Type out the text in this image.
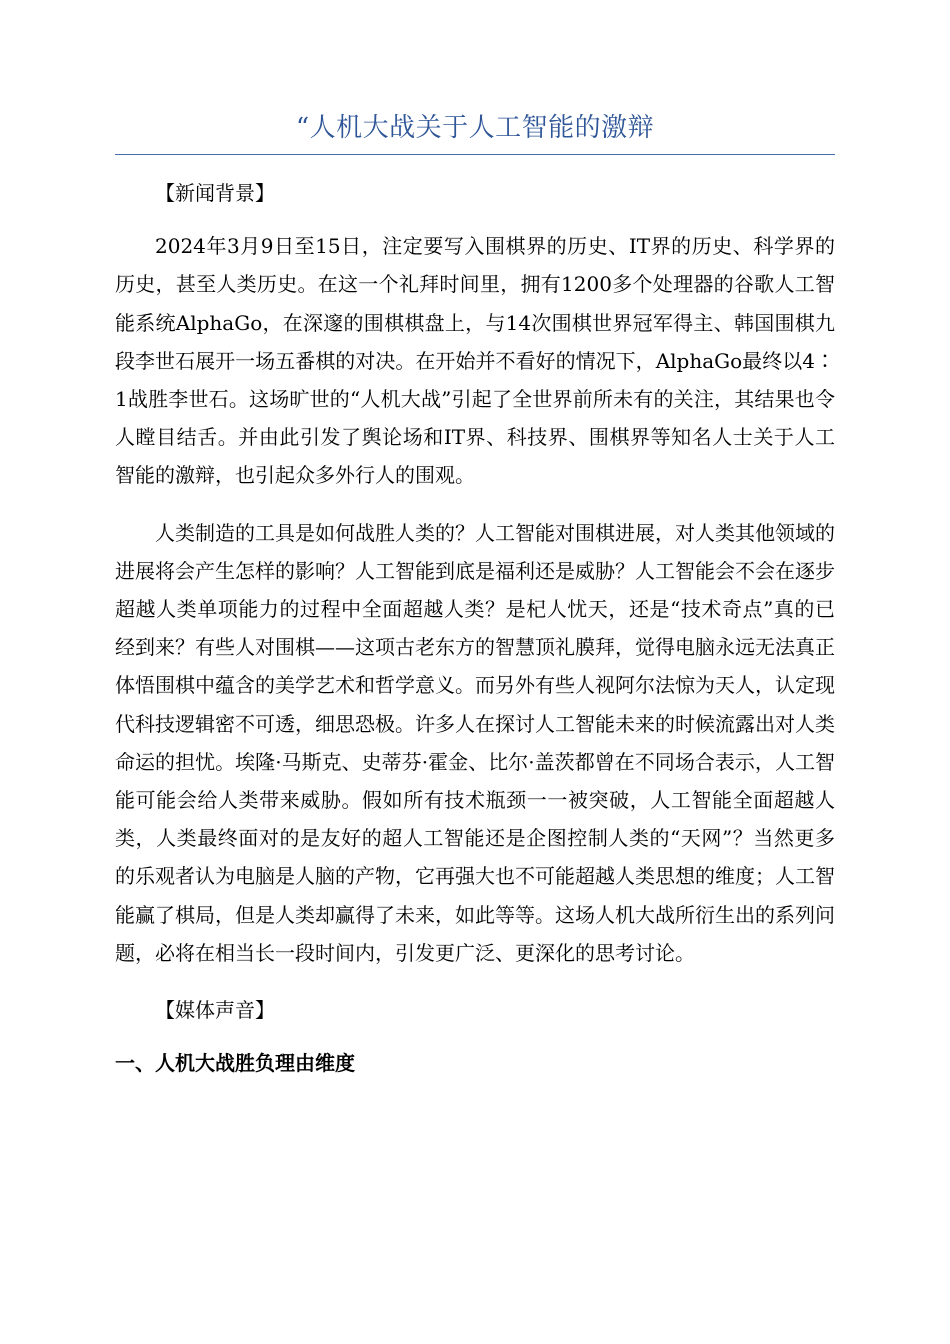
“人机大战关于人工智能的激辩

【新闻背景】

2024年3月9日至15日，注定要写入围棋界的历史、IT界的历史、科学界的历史，甚至人类历史。在这一个礼拜时间里，拥有1200多个处理器的谷歌人工智能系统AlphaGo，在深邃的围棋棋盘上，与14次围棋世界冠军得主、韩国围棋九段李世石展开一场五番棋的对决。在开始并不看好的情况下，AlphaGo最终以4∶1战胜李世石。这场旷世的“人机大战”引起了全世界前所未有的关注，其结果也令人瞠目结舌。并由此引发了舆论场和IT界、科技界、围棋界等知名人士关于人工智能的激辩，也引起众多外行人的围观。

人类制造的工具是如何战胜人类的？人工智能对围棋进展，对人类其他领域的进展将会产生怎样的影响？人工智能到底是福利还是威胁？人工智能会不会在逐步超越人类单项能力的过程中全面超越人类？是杞人忧天，还是“技术奇点”真的已经到来？有些人对围棋——这项古老东方的智慧顶礼膜拜，觉得电脑永远无法真正体悟围棋中蕴含的美学艺术和哲学意义。而另外有些人视阿尔法惊为天人，认定现代科技逻辑密不可透，细思恐极。许多人在探讨人工智能未来的时候流露出对人类命运的担忧。埃隆·马斯克、史蒂芬·霍金、比尔·盖茨都曾在不同场合表示，人工智能可能会给人类带来威胁。假如所有技术瓶颈一一被突破，人工智能全面超越人类，人类最终面对的是友好的超人工智能还是企图控制人类的“天网”？当然更多的乐观者认为电脑是人脑的产物，它再强大也不可能超越人类思想的维度；人工智能赢了棋局，但是人类却赢得了未来，如此等等。这场人机大战所衍生出的系列问题，必将在相当长一段时间内，引发更广泛、更深化的思考讨论。

【媒体声音】

一、人机大战胜负理由维度
